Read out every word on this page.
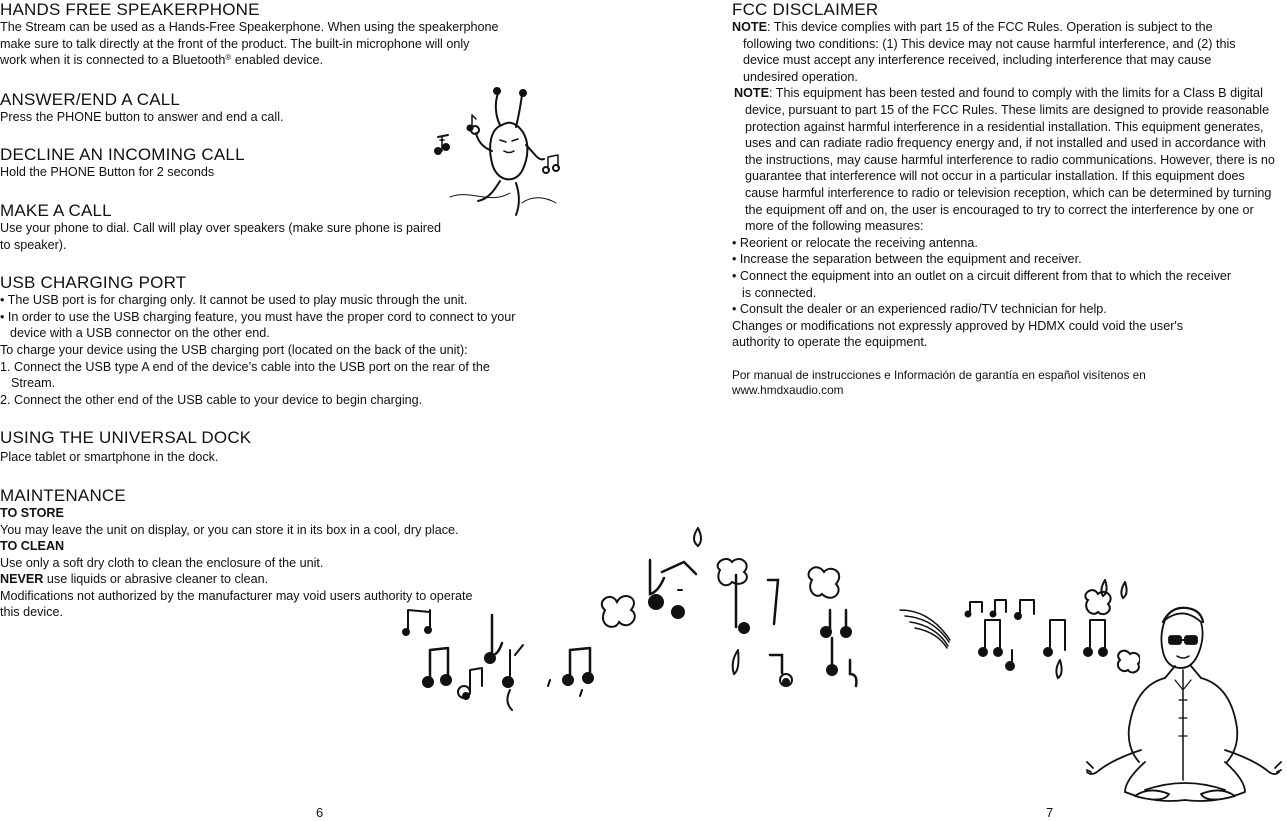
HANDS FREE SPEAKERPHONE

The Stream can be used as a Hands-Free Speakerphone. When using the speakerphone
make sure to talk directly at the front of the product. The built-in microphone will only
work when it is connected to a Bluetooth® enabled device.

ANSWER/END A CALL

Press the PHONE button to answer and end a call.

DECLINE AN INCOMING CALL

Hold the PHONE Button for 2 seconds

MAKE A CALL

Use your phone to dial. Call will play over speakers (make sure phone is paired
to speaker).

USB CHARGING PORT

• The USB port is for charging only. It cannot be used to play music through the unit.

• In order to use the USB charging feature, you must have the proper cord to connect to your device with a USB connector on the other end.

To charge your device using the USB charging port (located on the back of the unit):

1. Connect the USB type A end of the device’s cable into the USB port on the rear of the Stream.

2. Connect the other end of the USB cable to your device to begin charging.

USING THE UNIVERSAL DOCK

Place tablet or smartphone in the dock.

MAINTENANCE

TO STORE

You may leave the unit on display, or you can store it in its box in a cool, dry place.

TO CLEAN

Use only a soft dry cloth to clean the enclosure of the unit.

NEVER use liquids or abrasive cleaner to clean.

Modifications not authorized by the manufacturer may void users authority to operate
this device.

6
FCC DISCLAIMER

NOTE: This device complies with part 15 of the FCC Rules. Operation is subject to the following two conditions: (1) This device may not cause harmful interference, and (2) this device must accept any interference received, including interference that may cause undesired operation.

NOTE: This equipment has been tested and found to comply with the limits for a Class B digital device, pursuant to part 15 of the FCC Rules. These limits are designed to provide reasonable protection against harmful interference in a residential installation. This equipment generates, uses and can radiate radio frequency energy and, if not installed and used in accordance with the instructions, may cause harmful interference to radio communications. However, there is no guarantee that interference will not occur in a particular installation. If this equipment does cause harmful interference to radio or television reception, which can be determined by turning the equipment off and on, the user is encouraged to try to correct the interference by one or more of the following measures:

• Reorient or relocate the receiving antenna.

• Increase the separation between the equipment and receiver.

• Connect the equipment into an outlet on a circuit different from that to which the receiver is connected.

• Consult the dealer or an experienced radio/TV technician for help.

Changes or modifications not expressly approved by HDMX could void the user's
authority to operate the equipment.

Por manual de instrucciones e Información de garantía en español visítenos en
www.hmdxaudio.com

7
